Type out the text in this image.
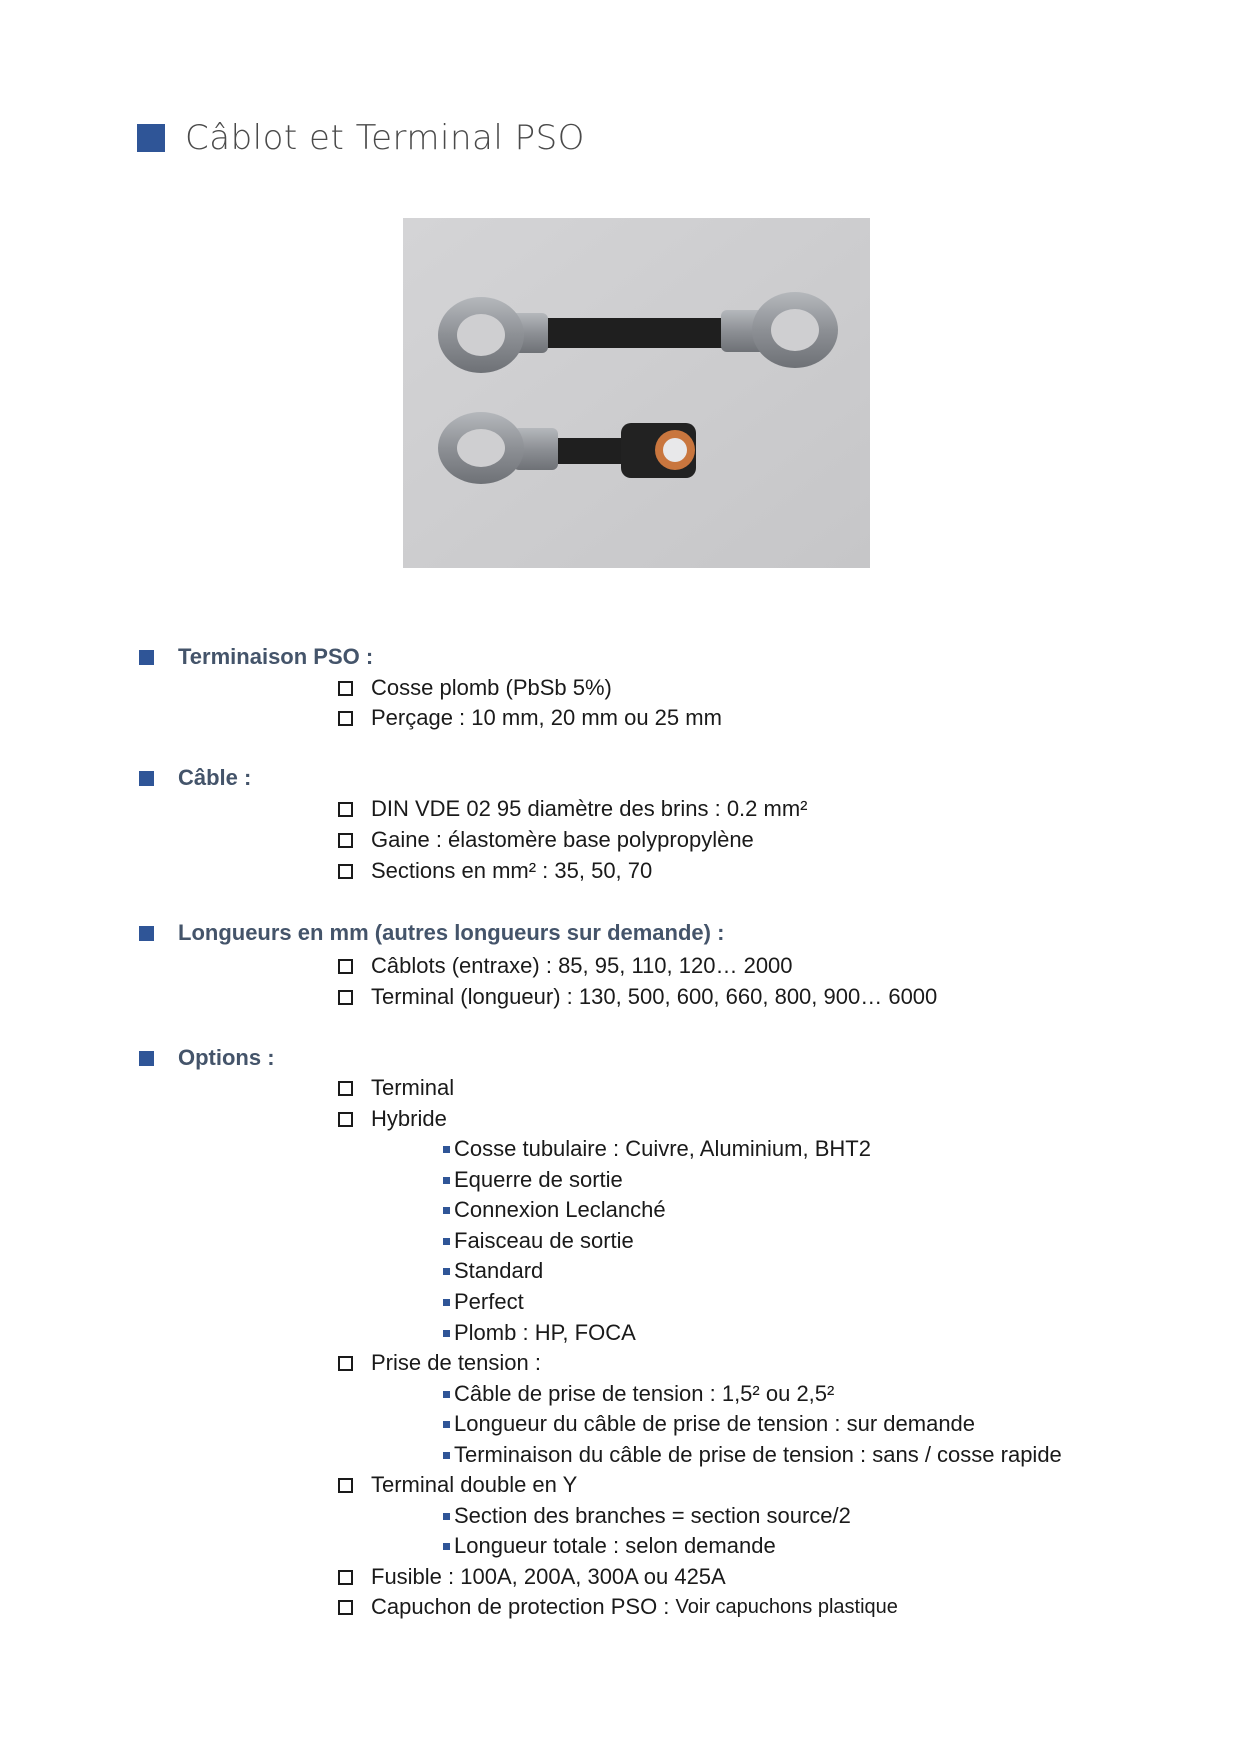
Câblot et Terminal PSO
Terminaison PSO :
Cosse plomb (PbSb 5%)
Perçage : 10 mm, 20 mm ou 25 mm
Câble :
DIN VDE 02 95 diamètre des brins : 0.2 mm²
Gaine : élastomère base polypropylène
Sections en mm² : 35, 50, 70
Longueurs en mm (autres longueurs sur demande) :
Câblots (entraxe) : 85, 95, 110, 120… 2000
Terminal (longueur) : 130, 500, 600, 660, 800, 900… 6000
Options :
Terminal
Hybride
Cosse tubulaire : Cuivre, Aluminium, BHT2
Equerre de sortie
Connexion Leclanché
Faisceau de sortie
Standard
Perfect
Plomb : HP, FOCA
Prise de tension :
Câble de prise de tension : 1,5² ou 2,5²
Longueur du câble de prise de tension : sur demande
Terminaison du câble de prise de tension : sans / cosse rapide
Terminal double en Y
Section des branches = section source/2
Longueur totale : selon demande
Fusible : 100A, 200A, 300A ou 425A
Capuchon de protection PSO : Voir capuchons plastique
